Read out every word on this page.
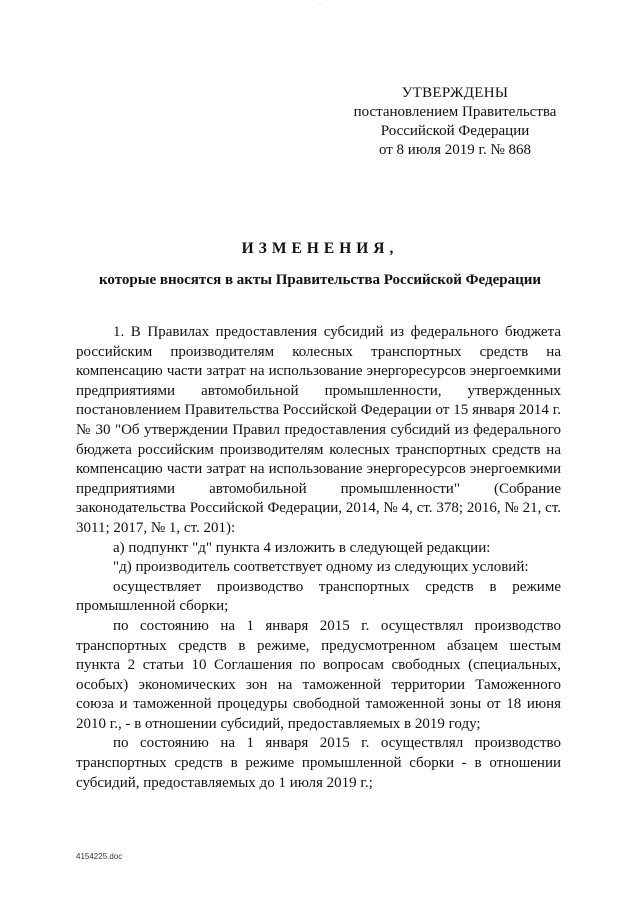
·
УТВЕРЖДЕНЫ
постановлением Правительства
Российской Федерации
от 8 июля 2019 г. № 868
ИЗМЕНЕНИЯ,
которые вносятся в акты Правительства Российской Федерации

1. В Правилах предоставления субсидий из федерального бюджета российским производителям колесных транспортных средств на компенсацию части затрат на использование энергоресурсов энергоемкими предприятиями автомобильной промышленности, утвержденных постановлением Правительства Российской Федерации от 15 января 2014 г. № 30 "Об утверждении Правил предоставления субсидий из федерального бюджета российским производителям колесных транспортных средств на компенсацию части затрат на использование энергоресурсов энергоемкими предприятиями автомобильной промышленности" (Собрание законодательства Российской Федерации, 2014, № 4, ст. 378; 2016, № 21, ст. 3011; 2017, № 1, ст. 201):

а) подпункт "д" пункта 4 изложить в следующей редакции:

"д) производитель соответствует одному из следующих условий:

осуществляет производство транспортных средств в режиме промышленной сборки;

по состоянию на 1 января 2015 г. осуществлял производство транспортных средств в режиме, предусмотренном абзацем шестым пункта 2 статьи 10 Соглашения по вопросам свободных (специальных, особых) экономических зон на таможенной территории Таможенного союза и таможенной процедуры свободной таможенной зоны от 18 июня 2010 г., - в отношении субсидий, предоставляемых в 2019 году;

по состоянию на 1 января 2015 г. осуществлял производство транспортных средств в режиме промышленной сборки - в отношении субсидий, предоставляемых до 1 июля 2019 г.;

4154225.doc
